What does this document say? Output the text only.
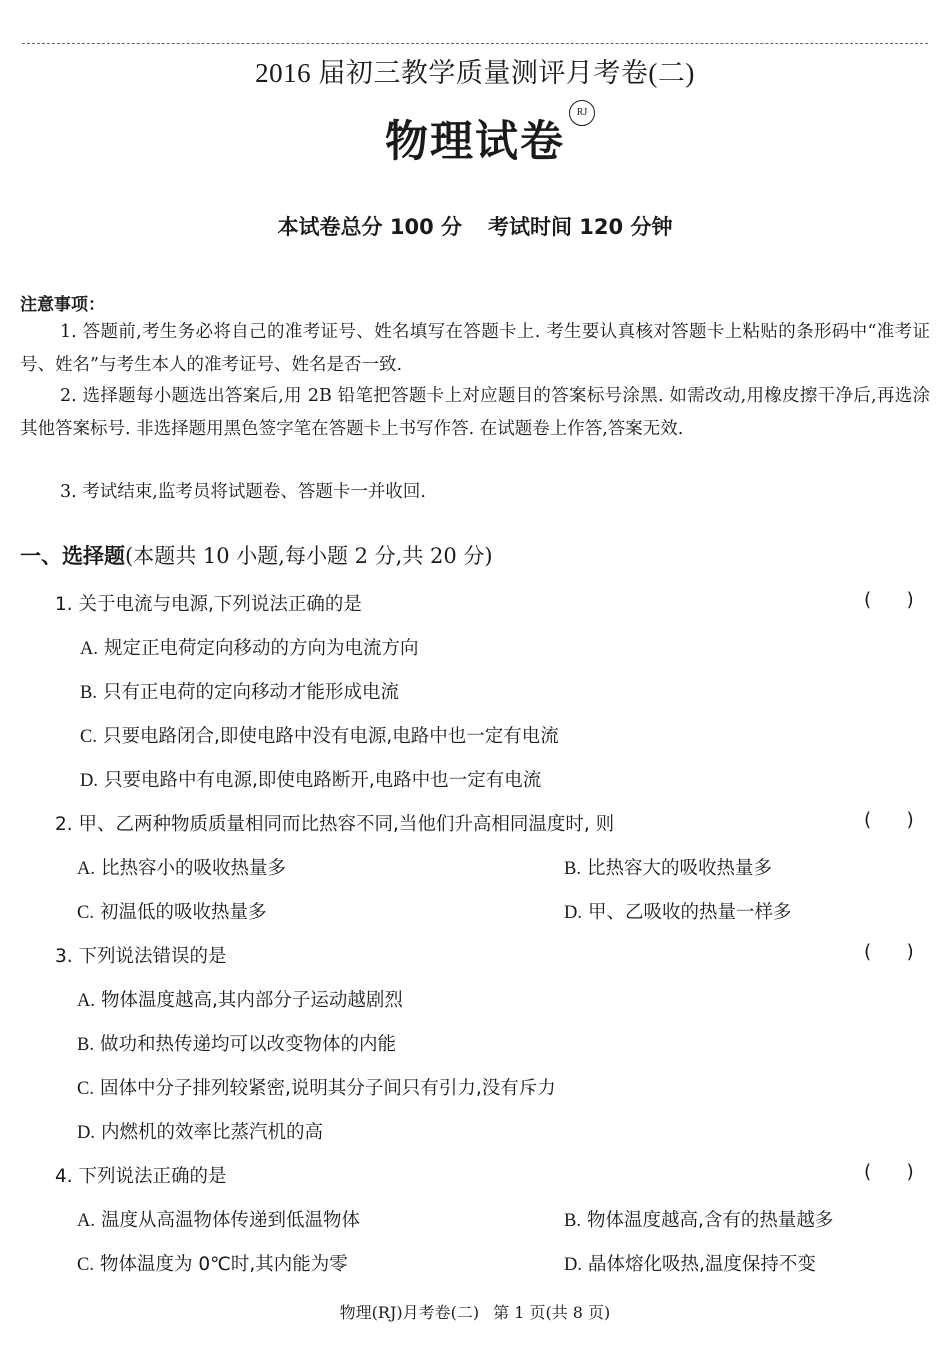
2016 届初三教学质量测评月考卷(二)
物理试卷
RJ
本试卷总分 100 分 考试时间 120 分钟
注意事项：
1. 答题前,考生务必将自己的准考证号、姓名填写在答题卡上. 考生要认真核对答题卡上粘贴的条形码中“准考证号、姓名”与考生本人的准考证号、姓名是否一致.
2. 选择题每小题选出答案后,用 2B 铅笔把答题卡上对应题目的答案标号涂黑. 如需改动,用橡皮擦干净后,再选涂其他答案标号. 非选择题用黑色签字笔在答题卡上书写作答. 在试题卷上作答,答案无效.
3. 考试结束,监考员将试题卷、答题卡一并收回.
一、选择题(本题共 10 小题,每小题 2 分,共 20 分)
1. 关于电流与电源,下列说法正确的是	(      )
A. 规定正电荷定向移动的方向为电流方向
B. 只有正电荷的定向移动才能形成电流
C. 只要电路闭合,即使电路中没有电源,电路中也一定有电流
D. 只要电路中有电源,即使电路断开,电路中也一定有电流
2. 甲、乙两种物质质量相同而比热容不同,当他们升高相同温度时, 则	(      )
A. 比热容小的吸收热量多	B. 比热容大的吸收热量多
C. 初温低的吸收热量多	D. 甲、乙吸收的热量一样多
3. 下列说法错误的是	(      )
A. 物体温度越高,其内部分子运动越剧烈
B. 做功和热传递均可以改变物体的内能
C. 固体中分子排列较紧密,说明其分子间只有引力,没有斥力
D. 内燃机的效率比蒸汽机的高
4. 下列说法正确的是	(      )
A. 温度从高温物体传递到低温物体	B. 物体温度越高,含有的热量越多
C. 物体温度为 0℃时,其内能为零	D. 晶体熔化吸热,温度保持不变
物理(RJ)月考卷(二) 第 1 页(共 8 页)
